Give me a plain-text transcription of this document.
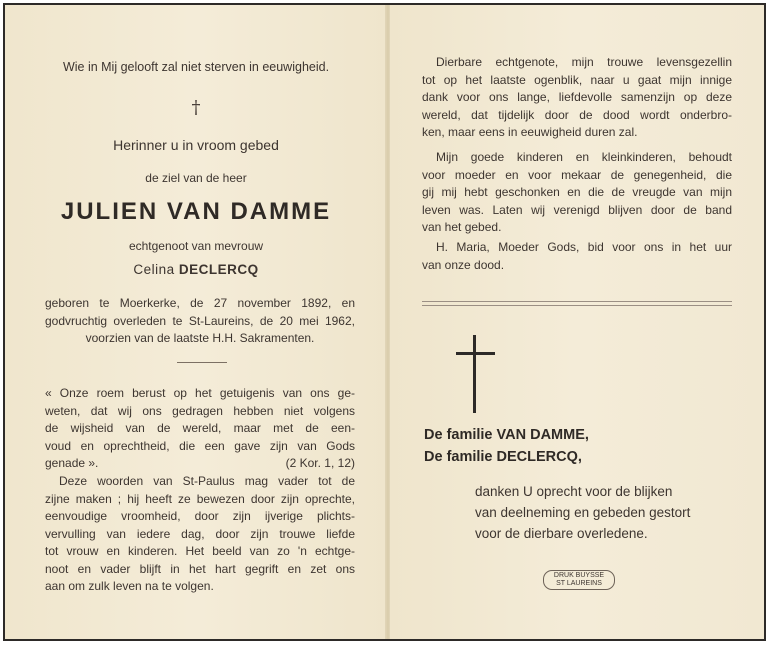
Wie in Mij gelooft zal niet sterven in eeuwigheid.
†
Herinner u in vroom gebed
de ziel van de heer
JULIEN VAN DAMME
echtgenoot van mevrouw
Celina DECLERCQ
geboren te Moerkerke, de 27 november 1892, en
godvruchtig overleden te St-Laureins, de 20 mei 1962,
voorzien van de laatste H.H. Sakramenten.
« Onze roem berust op het getuigenis van ons ge-
weten, dat wij ons gedragen hebben niet volgens
de wijsheid van de wereld, maar met de een-
voud en oprechtheid, die een gave zijn van Gods
genade ».	(2 Kor. 1, 12)
Deze woorden van St-Paulus mag vader tot de
zijne maken ; hij heeft ze bewezen door zijn oprechte,
eenvoudige vroomheid, door zijn ijverige plichts-
vervulling van iedere dag, door zijn trouwe liefde
tot vrouw en kinderen. Het beeld van zo 'n echtge-
noot en vader blijft in het hart gegrift en zet ons
aan om zulk leven na te volgen.
Dierbare echtgenote, mijn trouwe levensgezellin
tot op het laatste ogenblik, naar u gaat mijn innige
dank voor ons lange, liefdevolle samenzijn op deze
wereld, dat tijdelijk door de dood wordt onderbro-
ken, maar eens in eeuwigheid duren zal.
Mijn goede kinderen en kleinkinderen, behoudt
voor moeder en voor mekaar de genegenheid, die
gij mij hebt geschonken en die de vreugde van mijn
leven was. Laten wij verenigd blijven door de band
van het gebed.
H. Maria, Moeder Gods, bid voor ons in het uur
van onze dood.
De familie VAN DAMME,
De familie DECLERCQ,
danken U oprecht voor de blijken
van deelneming en gebeden gestort
voor de dierbare overledene.
DRUK BUYSSE
ST LAUREINS
